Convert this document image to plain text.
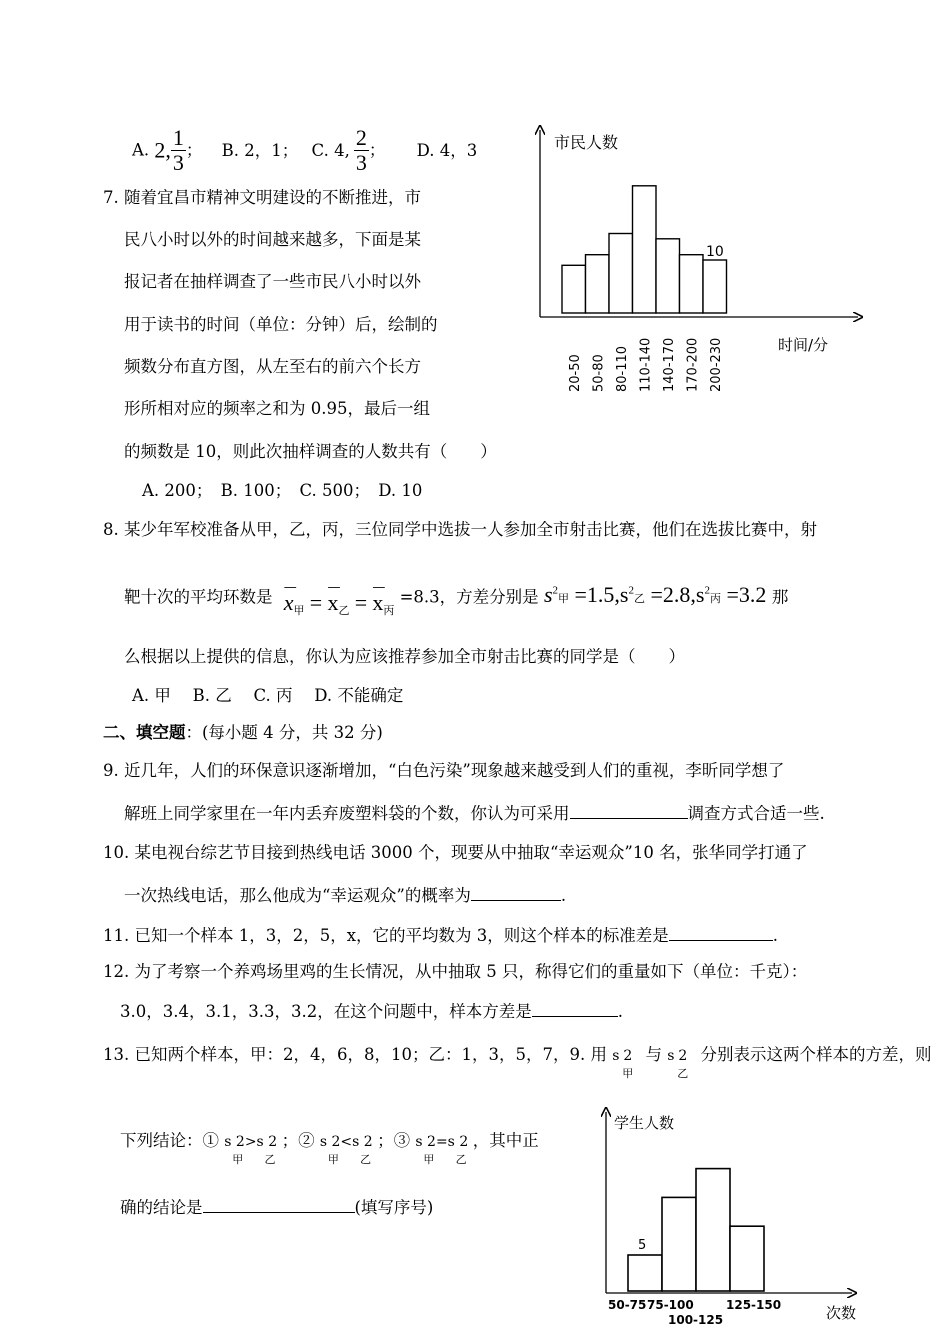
A. 2, $\frac{1}{3}$ ； B. 2，1； C. 4, $\frac{2}{3}$ ； D. 4，3
7. 随着宜昌市精神文明建设的不断推进，市
民八小时以外的时间越来越多，下面是某
报记者在抽样调查了一些市民八小时以外
用于读书的时间（单位：分钟）后，绘制的
频数分布直方图，从左至右的前六个长方
形所相对应的频率之和为 0.95，最后一组
的频数是 10，则此次抽样调查的人数共有（　　）
A. 200；　B. 100；　C. 500；　D. 10
市民人数
时间/分
10
20-50 50-80 80-110 110-140 140-170 170-200 200-230
8. 某少年军校准备从甲，乙，丙，三位同学中选拔一人参加全市射击比赛，他们在选拔比赛中，射
靶十次的平均环数是 —
$x_甲$ =
—
$x_乙$ =
—
$x_丙 =8.3$，方差分别是 $s^2$甲 $=1.5,s^2$乙 $=2.8,s^2$丙 =3.2 那
么根据以上提供的信息，你认为应该推荐参加全市射击比赛的同学是（　　）
A. 甲　 B. 乙　 C. 丙　 D. 不能确定
二、填空题：(每小题 4 分，共 32 分)
9. 近几年，人们的环保意识逐渐增加，“白色污染”现象越来越受到人们的重视，李昕同学想了
解班上同学家里在一年内丢弃废塑料袋的个数，你认为可采用	调查方式合适一些.
10. 某电视台综艺节目接到热线电话 3000 个，现要从中抽取“幸运观众”10 名，张华同学打通了
一次热线电话，那么他成为“幸运观众”的概率为	.
11. 已知一个样本 1，3，2，5，x，它的平均数为 3，则这个样本的标准差是	.
12. 为了考察一个养鸡场里鸡的生长情况，从中抽取 5 只，称得它们的重量如下（单位：千克）：
3.0，3.4，3.1，3.3，3.2，在这个问题中，样本方差是	.
13. 已知两个样本，甲：2，4，6，8，10；乙：1，3，5，7，9. 用 s 2
甲
与 s 2
乙
分别表示这两个样本的方差，则
下列结论：① s 2
甲
>s 2
乙
；② s 2
甲
<s 2
乙
；③ s 2
甲
=s 2
乙
，其中正
确的结论是	(填写序号)
学生人数
次数
5
50-75 75-100
100-125
125-150
